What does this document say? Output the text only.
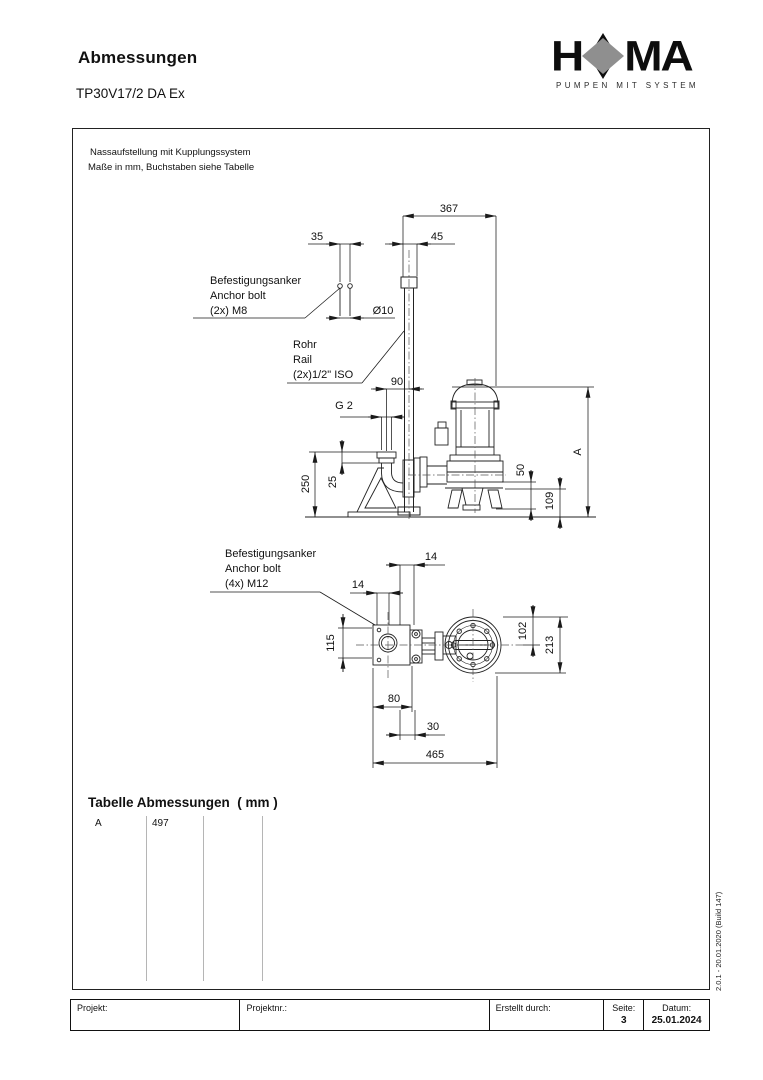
Abmessungen
TP30V17/2 DA Ex
H MA
PUMPEN MIT SYSTEM
Nassaufstellung mit Kupplungssystem
Maße in mm, Buchstaben siehe Tabelle
367
35	45
Ø10
90
G 2
250 25
50
109
A
Befestigungsanker
Anchor bolt
(2x) M8
Rohr
Rail
(2x)1/2" ISO
Befestigungsanker
Anchor bolt
(4x) M12
14
14
115
102
213
80
30
465
Tabelle Abmessungen  ( mm )
A	497
2.0.1 - 20.01.2020 (Build 147)
Projekt:	Projektnr.:	Erstellt durch:	Seite:
3
Datum:
25.01.2024
